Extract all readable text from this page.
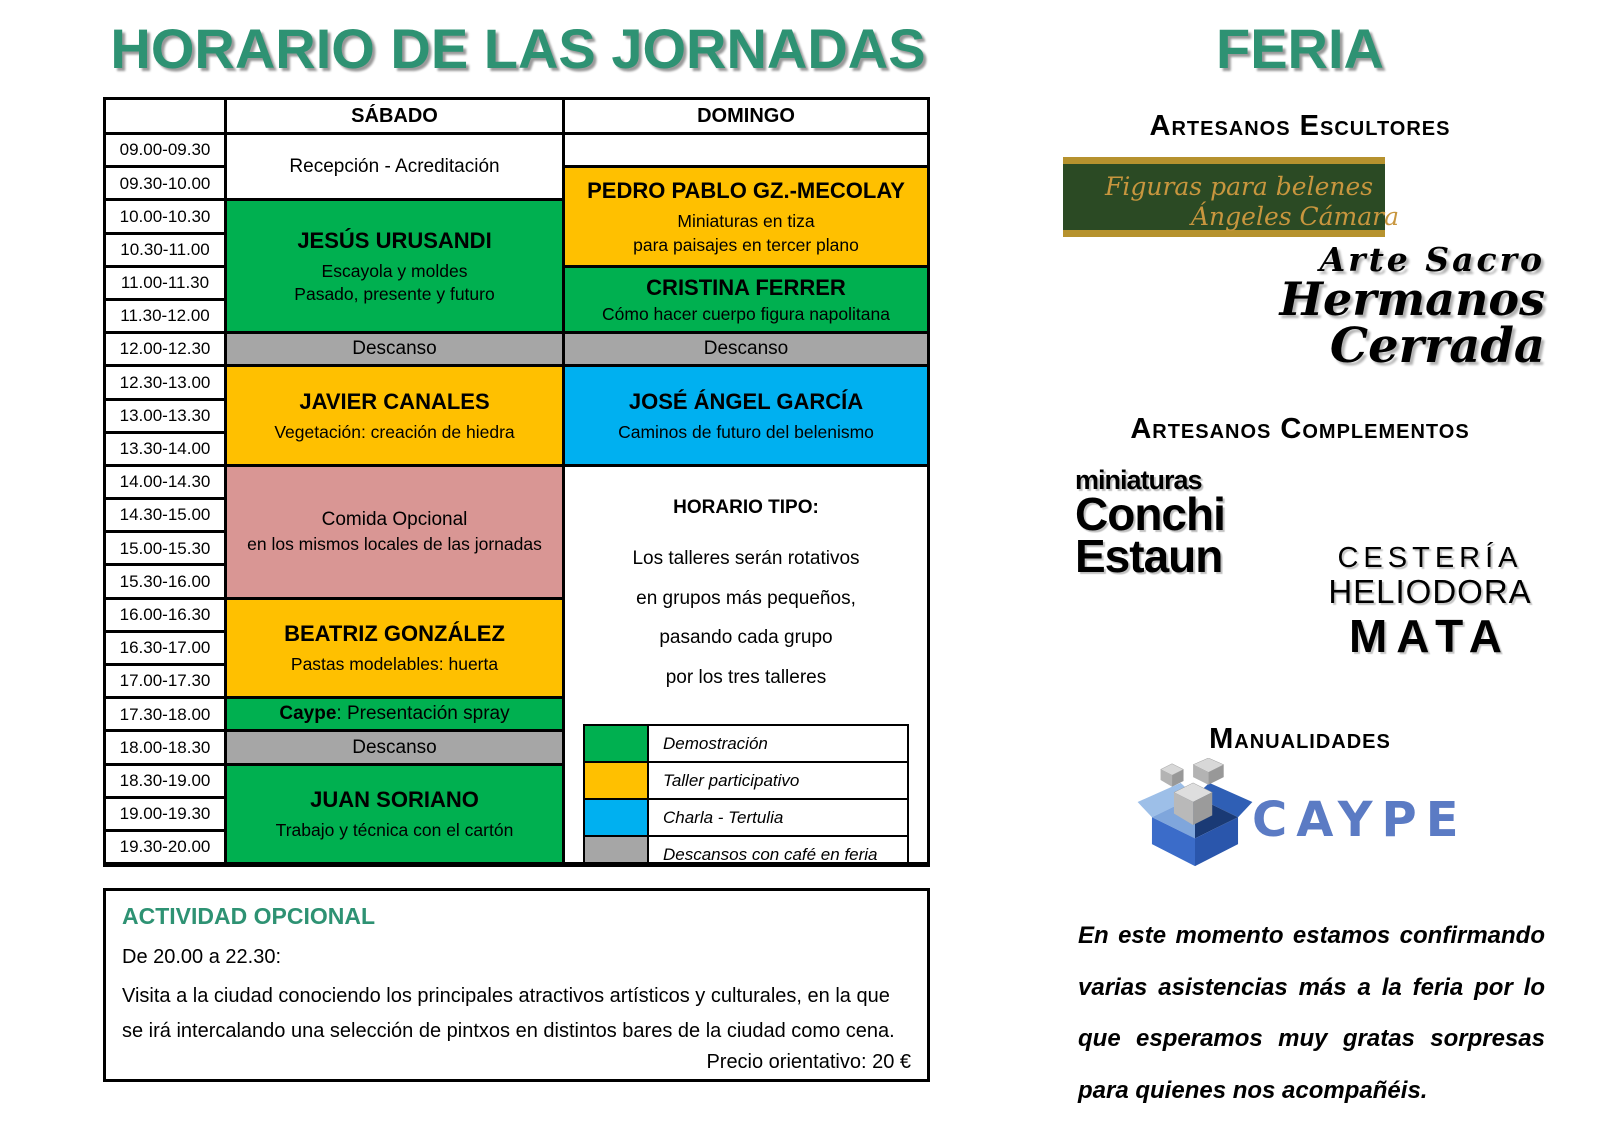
HORARIO DE LAS JORNADAS
SÁBADO	DOMINGO
Recepción - Acreditación
JESÚS URUSANDI
Escayola y moldes
Pasado, presente y futuro
Descanso
JAVIER CANALES
Vegetación: creación de hiedra
Comida Opcional
en los mismos locales de las jornadas
BEATRIZ GONZÁLEZ
Pastas modelables: huerta
Caype : Presentación spray
Descanso
JUAN SORIANO
Trabajo y técnica con el cartón
PEDRO PABLO GZ.-MECOLAY
Miniaturas en tiza
para paisajes en tercer plano
CRISTINA FERRER
Cómo hacer cuerpo figura napolitana
Descanso
JOSÉ ÁNGEL GARCÍA
Caminos de futuro del belenismo
HORARIO TIPO:
Los talleres serán rotativos
en grupos más pequeños,
pasando cada grupo
por los tres talleres
Demostración
Taller participativo
Charla - Tertulia
Descansos con café en feria
09.00-09.30
09.30-10.00
10.00-10.30
10.30-11.00
11.00-11.30
11.30-12.00
12.00-12.30
12.30-13.00
13.00-13.30
13.30-14.00
14.00-14.30
14.30-15.00
15.00-15.30
15.30-16.00
16.00-16.30
16.30-17.00
17.00-17.30
17.30-18.00
18.00-18.30
18.30-19.00
19.00-19.30
19.30-20.00
ACTIVIDAD OPCIONAL
De 20.00 a 22.30:
Visita a la ciudad conociendo los principales atractivos artísticos y culturales, en la que se irá intercalando una selección de pintxos en distintos bares de la ciudad como cena.
Precio orientativo: 20 €
FERIA
Artesanos Escultores
Figuras para belenes
Ángeles Cámara
Arte Sacro
Hermanos
Cerrada
Artesanos Complementos
miniaturas
Conchi
Estaun	CESTERÍA
HELIODORA
MATA
Manualidades
CAYPE
En este momento estamos confirmando varias asistencias más a la feria por lo que esperamos muy gratas sorpresas para quienes nos acompañéis.
